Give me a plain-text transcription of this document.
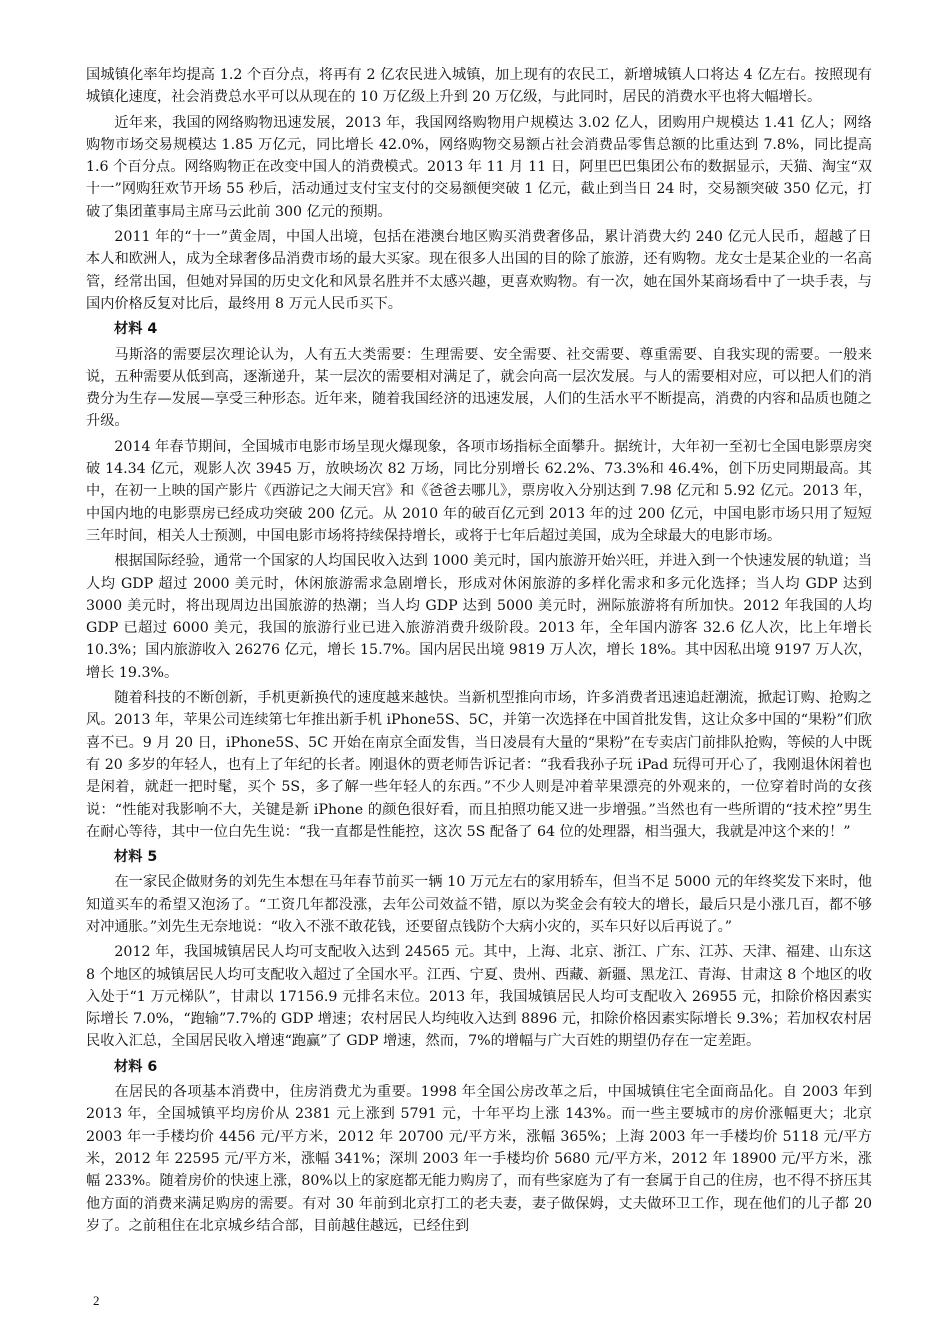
国城镇化率年均提高 1.2 个百分点，将再有 2 亿农民进入城镇，加上现有的农民工，新增城镇人口将达 4 亿左右。按照现有城镇化速度，社会消费总水平可以从现在的 10 万亿级上升到 20 万亿级，与此同时，居民的消费水平也将大幅增长。

近年来，我国的网络购物迅速发展，2013 年，我国网络购物用户规模达 3.02 亿人，团购用户规模达 1.41 亿人；网络购物市场交易规模达 1.85 万亿元，同比增长 42.0%，网络购物交易额占社会消费品零售总额的比重达到 7.8%，同比提高 1.6 个百分点。网络购物正在改变中国人的消费模式。2013 年 11 月 11 日，阿里巴巴集团公布的数据显示，天猫、淘宝“双十一”网购狂欢节开场 55 秒后，活动通过支付宝支付的交易额便突破 1 亿元，截止到当日 24 时，交易额突破 350 亿元，打破了集团董事局主席马云此前 300 亿元的预期。

2011 年的“十一”黄金周，中国人出境，包括在港澳台地区购买消费奢侈品，累计消费大约 240 亿元人民币，超越了日本人和欧洲人，成为全球奢侈品消费市场的最大买家。现在很多人出国的目的除了旅游，还有购物。龙女士是某企业的一名高管，经常出国，但她对异国的历史文化和风景名胜并不太感兴趣，更喜欢购物。有一次，她在国外某商场看中了一块手表，与国内价格反复对比后，最终用 8 万元人民币买下。

材料 4

马斯洛的需要层次理论认为，人有五大类需要：生理需要、安全需要、社交需要、尊重需要、自我实现的需要。一般来说，五种需要从低到高，逐渐递升，某一层次的需要相对满足了，就会向高一层次发展。与人的需要相对应，可以把人们的消费分为生存—发展—享受三种形态。近年来，随着我国经济的迅速发展，人们的生活水平不断提高，消费的内容和品质也随之升级。

2014 年春节期间，全国城市电影市场呈现火爆现象，各项市场指标全面攀升。据统计，大年初一至初七全国电影票房突破 14.34 亿元，观影人次 3945 万，放映场次 82 万场，同比分别增长 62.2%、73.3%和 46.4%，创下历史同期最高。其中，在初一上映的国产影片《西游记之大闹天宫》和《爸爸去哪儿》，票房收入分别达到 7.98 亿元和 5.92 亿元。2013 年，中国内地的电影票房已经成功突破 200 亿元。从 2010 年的破百亿元到 2013 年的过 200 亿元，中国电影市场只用了短短三年时间，相关人士预测，中国电影市场将持续保持增长，或将于七年后超过美国，成为全球最大的电影市场。

根据国际经验，通常一个国家的人均国民收入达到 1000 美元时，国内旅游开始兴旺，并进入到一个快速发展的轨道；当人均 GDP 超过 2000 美元时，休闲旅游需求急剧增长，形成对休闲旅游的多样化需求和多元化选择；当人均 GDP 达到 3000 美元时，将出现周边出国旅游的热潮；当人均 GDP 达到 5000 美元时，洲际旅游将有所加快。2012 年我国的人均 GDP 已超过 6000 美元，我国的旅游行业已进入旅游消费升级阶段。2013 年，全年国内游客 32.6 亿人次，比上年增长 10.3%；国内旅游收入 26276 亿元，增长 15.7%。国内居民出境 9819 万人次，增长 18%。其中因私出境 9197 万人次，增长 19.3%。

随着科技的不断创新，手机更新换代的速度越来越快。当新机型推向市场，许多消费者迅速追赶潮流，掀起订购、抢购之风。2013 年，苹果公司连续第七年推出新手机 iPhone5S、5C，并第一次选择在中国首批发售，这让众多中国的“果粉”们欣喜不已。9 月 20 日，iPhone5S、5C 开始在南京全面发售，当日凌晨有大量的“果粉”在专卖店门前排队抢购，等候的人中既有 20 多岁的年轻人，也有上了年纪的长者。刚退休的贾老师告诉记者：“我看我孙子玩 iPad 玩得可开心了，我刚退休闲着也是闲着，就赶一把时髦，买个 5S，多了解一些年轻人的东西。”不少人则是冲着苹果漂亮的外观来的，一位穿着时尚的女孩说：“性能对我影响不大，关键是新 iPhone 的颜色很好看，而且拍照功能又进一步增强。”当然也有一些所谓的“技术控”男生在耐心等待，其中一位白先生说：“我一直都是性能控，这次 5S 配备了 64 位的处理器，相当强大，我就是冲这个来的！”

材料 5

在一家民企做财务的刘先生本想在马年春节前买一辆 10 万元左右的家用轿车，但当不足 5000 元的年终奖发下来时，他知道买车的希望又泡汤了。“工资几年都没涨，去年公司效益不错，原以为奖金会有较大的增长，最后只是小涨几百，都不够对冲通胀。”刘先生无奈地说：“收入不涨不敢花钱，还要留点钱防个大病小灾的，买车只好以后再说了。”

2012 年，我国城镇居民人均可支配收入达到 24565 元。其中，上海、北京、浙江、广东、江苏、天津、福建、山东这 8 个地区的城镇居民人均可支配收入超过了全国水平。江西、宁夏、贵州、西藏、新疆、黑龙江、青海、甘肃这 8 个地区的收入处于“1 万元梯队”，甘肃以 17156.9 元排名末位。2013 年，我国城镇居民人均可支配收入 26955 元，扣除价格因素实际增长 7.0%，“跑输”7.7%的 GDP 增速；农村居民人均纯收入达到 8896 元，扣除价格因素实际增长 9.3%；若加权农村居民收入汇总，全国居民收入增速“跑赢”了 GDP 增速，然而，7%的增幅与广大百姓的期望仍存在一定差距。

材料 6

在居民的各项基本消费中，住房消费尤为重要。1998 年全国公房改革之后，中国城镇住宅全面商品化。自 2003 年到 2013 年，全国城镇平均房价从 2381 元上涨到 5791 元，十年平均上涨 143%。而一些主要城市的房价涨幅更大；北京 2003 年一手楼均价 4456 元/平方米，2012 年 20700 元/平方米，涨幅 365%；上海 2003 年一手楼均价 5118 元/平方米，2012 年 22595 元/平方米，涨幅 341%；深圳 2003 年一手楼均价 5680 元/平方米，2012 年 18900 元/平方米，涨幅 233%。随着房价的快速上涨，80%以上的家庭都无能力购房了，而有些家庭为了有一套属于自己的住房，也不得不挤压其他方面的消费来满足购房的需要。有对 30 年前到北京打工的老夫妻，妻子做保姆，丈夫做环卫工作，现在他们的儿子都 20 岁了。之前租住在北京城乡结合部，目前越住越远，已经住到

2
